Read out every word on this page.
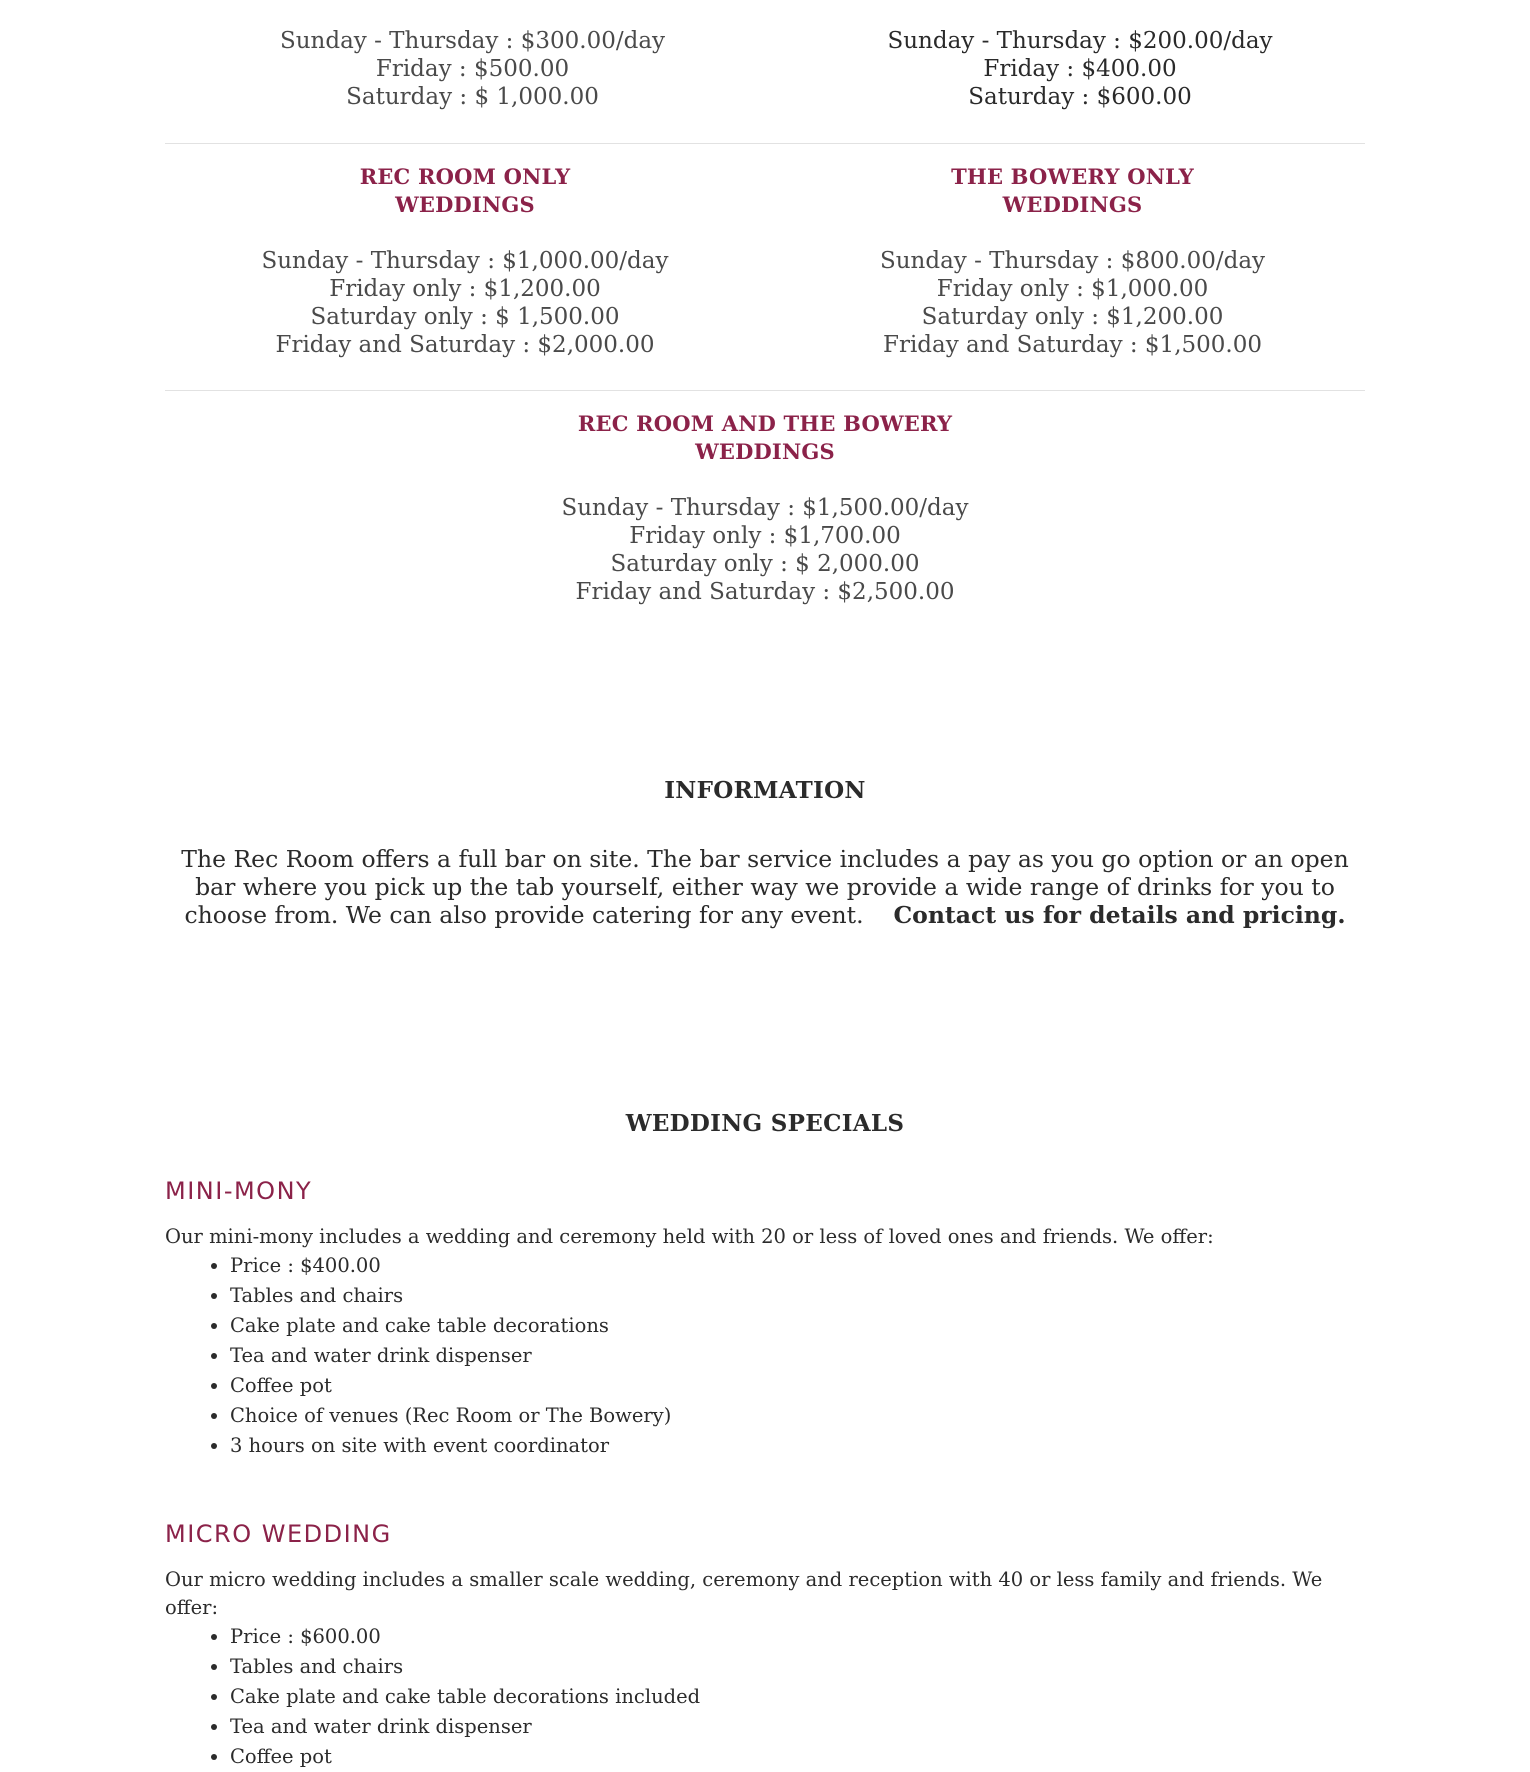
Sunday - Thursday : $300.00/day

Friday : $500.00

Saturday : $ 1,000.00

Sunday - Thursday : $200.00/day

Friday : $400.00

Saturday : $600.00

REC ROOM ONLY

WEDDINGS

Sunday - Thursday : $1,000.00/day

Friday only : $1,200.00

Saturday only : $ 1,500.00

Friday and Saturday : $2,000.00

THE BOWERY ONLY

WEDDINGS

Sunday - Thursday : $800.00/day

Friday only : $1,000.00

Saturday only : $1,200.00

Friday and Saturday : $1,500.00

REC ROOM AND THE BOWERY

WEDDINGS

Sunday - Thursday : $1,500.00/day

Friday only : $1,700.00

Saturday only : $ 2,000.00

Friday and Saturday : $2,500.00

INFORMATION

The Rec Room offers a full bar on site. The bar service includes a pay as you go option or an open bar where you pick up the tab yourself, either way we provide a wide range of drinks for you to choose from. We can also provide catering for any event. Contact us for details and pricing.

WEDDING SPECIALS
MINI-MONY

Our mini-mony includes a wedding and ceremony held with 20 or less of loved ones and friends. We offer:

• Price : $400.00
• Tables and chairs
• Cake plate and cake table decorations
• Tea and water drink dispenser
• Coffee pot
• Choice of venues (Rec Room or The Bowery)
• 3 hours on site with event coordinator
MICRO WEDDING

Our micro wedding includes a smaller scale wedding, ceremony and reception with 40 or less family and friends. We offer:

• Price : $600.00
• Tables and chairs
• Cake plate and cake table decorations included
• Tea and water drink dispenser
• Coffee pot
